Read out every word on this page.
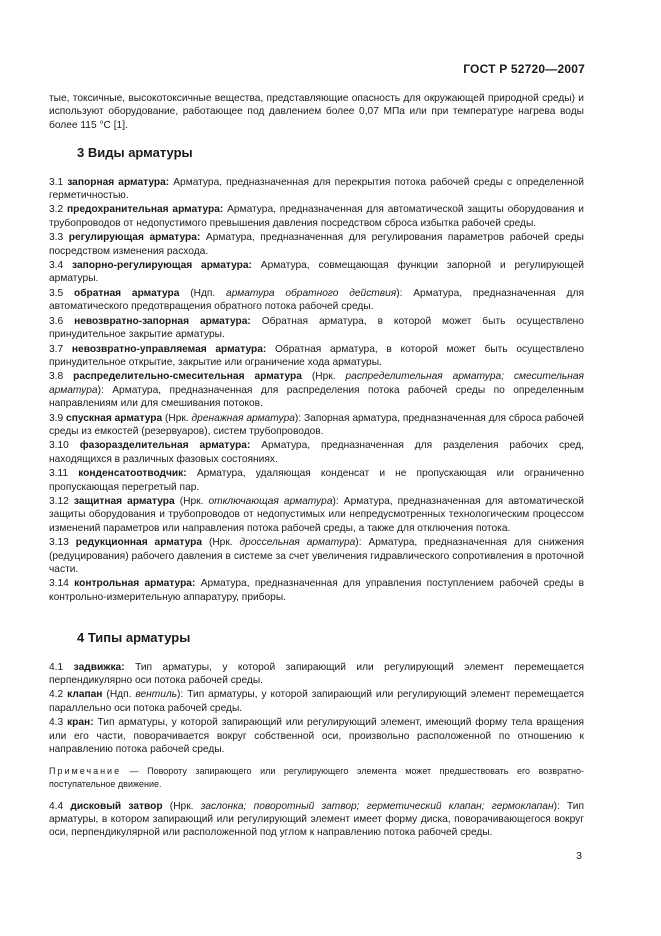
ГОСТ Р 52720—2007

тые, токсичные, высокотоксичные вещества, представляющие опасность для окружающей природной среды) и используют оборудование, работающее под давлением более 0,07 МПа или при температуре нагрева воды более 115 °С [1].

3 Виды арматуры

3.1 запорная арматура: Арматура, предназначенная для перекрытия потока рабочей среды с определенной герметичностью.

3.2 предохранительная арматура: Арматура, предназначенная для автоматической защиты оборудования и трубопроводов от недопустимого превышения давления посредством сброса избытка рабочей среды.

3.3 регулирующая арматура: Арматура, предназначенная для регулирования параметров рабочей среды посредством изменения расхода.

3.4 запорно-регулирующая арматура: Арматура, совмещающая функции запорной и регулирующей арматуры.

3.5 обратная арматура (Ндп. арматура обратного действия): Арматура, предназначенная для автоматического предотвращения обратного потока рабочей среды.

3.6 невозвратно-запорная арматура: Обратная арматура, в которой может быть осуществлено принудительное закрытие арматуры.

3.7 невозвратно-управляемая арматура: Обратная арматура, в которой может быть осуществлено принудительное открытие, закрытие или ограничение хода арматуры.

3.8 распределительно-смесительная арматура (Нрк. распределительная арматура; смесительная арматура): Арматура, предназначенная для распределения потока рабочей среды по определенным направлениям или для смешивания потоков.

3.9 спускная арматура (Нрк. дренажная арматура): Запорная арматура, предназначенная для сброса рабочей среды из емкостей (резервуаров), систем трубопроводов.

3.10 фазоразделительная арматура: Арматура, предназначенная для разделения рабочих сред, находящихся в различных фазовых состояниях.

3.11 конденсатоотводчик: Арматура, удаляющая конденсат и не пропускающая или ограниченно пропускающая перегретый пар.

3.12 защитная арматура (Нрк. отключающая арматура): Арматура, предназначенная для автоматической защиты оборудования и трубопроводов от недопустимых или непредусмотренных технологическим процессом изменений параметров или направления потока рабочей среды, а также для отключения потока.

3.13 редукционная арматура (Нрк. дроссельная арматура): Арматура, предназначенная для снижения (редуцирования) рабочего давления в системе за счет увеличения гидравлического сопротивления в проточной части.

3.14 контрольная арматура: Арматура, предназначенная для управления поступлением рабочей среды в контрольно-измерительную аппаратуру, приборы.

4 Типы арматуры

4.1 задвижка: Тип арматуры, у которой запирающий или регулирующий элемент перемещается перпендикулярно оси потока рабочей среды.

4.2 клапан (Ндп. вентиль): Тип арматуры, у которой запирающий или регулирующий элемент перемещается параллельно оси потока рабочей среды.

4.3 кран: Тип арматуры, у которой запирающий или регулирующий элемент, имеющий форму тела вращения или его части, поворачивается вокруг собственной оси, произвольно расположенной по отношению к направлению потока рабочей среды.

Примечание — Повороту запирающего или регулирующего элемента может предшествовать его возвратно-поступательное движение.

4.4 дисковый затвор (Нрк. заслонка; поворотный затвор; герметический клапан; гермоклапан): Тип арматуры, в котором запирающий или регулирующий элемент имеет форму диска, поворачивающегося вокруг оси, перпендикулярной или расположенной под углом к направлению потока рабочей среды.

3
